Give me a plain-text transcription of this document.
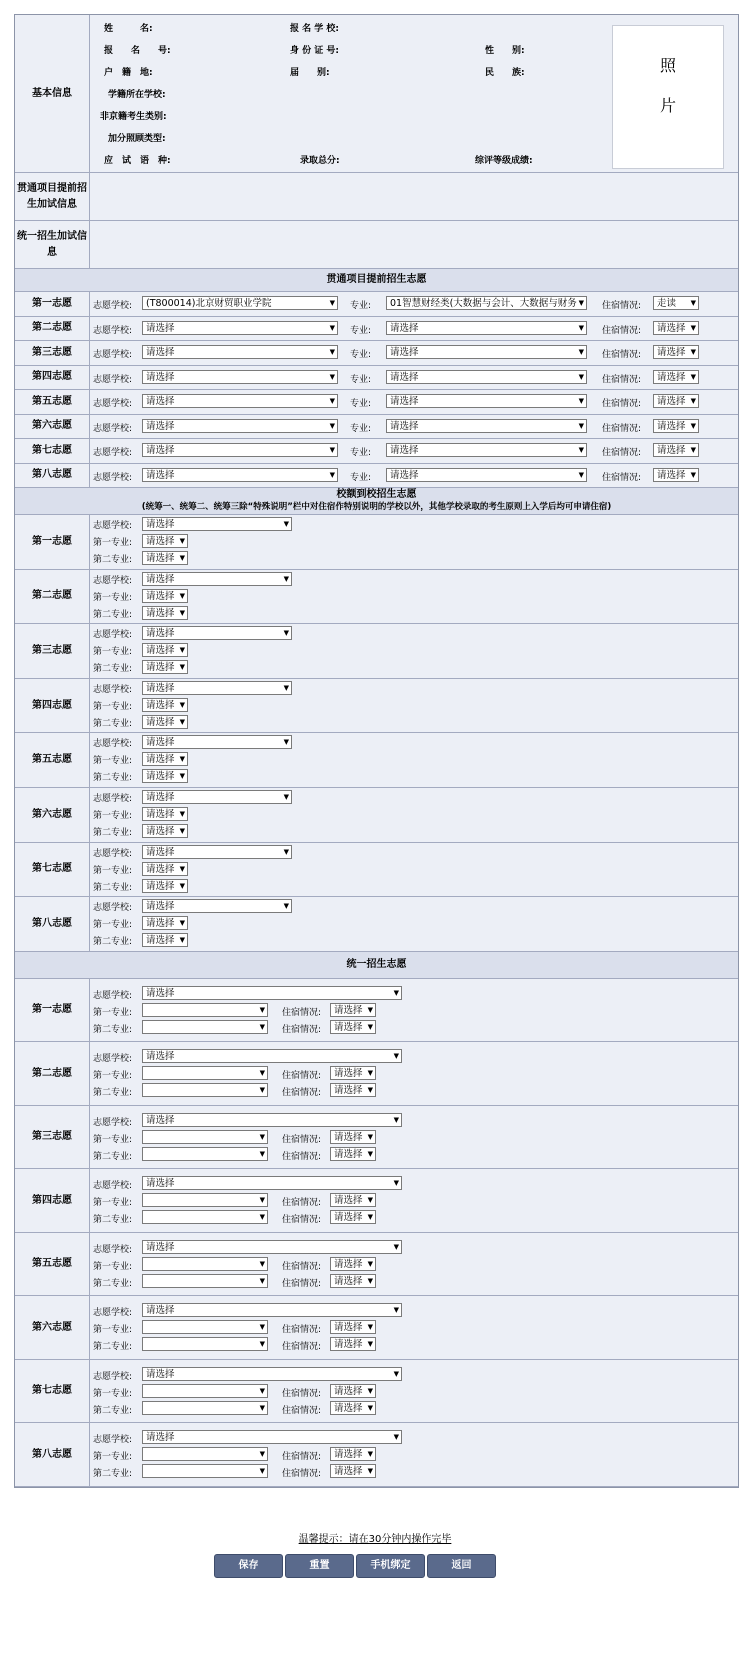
基本信息
姓　　　名:	报 名 学 校:
报　　名　　号:	身 份 证 号:	性　　别:
户　籍　地:	届　　别:	民　　族:
学籍所在学校:
非京籍考生类别:
加分照顾类型:
应　试　语　种:	录取总分:	综评等级成绩:
照

片
贯通项目提前招生加试信息
统一招生加试信息
贯通项目提前招生志愿
第一志愿	志愿学校:	(T800014)北京财贸职业学院 ▼	专业:	01智慧财经类(大数据与会计、大数据与财务 ▼	住宿情况:	走读 ▼
第二志愿	志愿学校:	请选择 ▼	专业:	请选择 ▼	住宿情况:	请选择 ▼
第三志愿	志愿学校:	请选择 ▼	专业:	请选择 ▼	住宿情况:	请选择 ▼
第四志愿	志愿学校:	请选择 ▼	专业:	请选择 ▼	住宿情况:	请选择 ▼
第五志愿	志愿学校:	请选择 ▼	专业:	请选择 ▼	住宿情况:	请选择 ▼
第六志愿	志愿学校:	请选择 ▼	专业:	请选择 ▼	住宿情况:	请选择 ▼
第七志愿	志愿学校:	请选择 ▼	专业:	请选择 ▼	住宿情况:	请选择 ▼
第八志愿	志愿学校:	请选择 ▼	专业:	请选择 ▼	住宿情况:	请选择 ▼
校额到校招生志愿
(统筹一、统筹二、统筹三除“特殊说明”栏中对住宿作特别说明的学校以外，其他学校录取的考生原则上入学后均可申请住宿)
第一志愿
志愿学校:	请选择 ▼
第一专业:	请选择 ▼
第二专业:	请选择 ▼
第二志愿
志愿学校:	请选择 ▼
第一专业:	请选择 ▼
第二专业:	请选择 ▼
第三志愿
志愿学校:	请选择 ▼
第一专业:	请选择 ▼
第二专业:	请选择 ▼
第四志愿
志愿学校:	请选择 ▼
第一专业:	请选择 ▼
第二专业:	请选择 ▼
第五志愿
志愿学校:	请选择 ▼
第一专业:	请选择 ▼
第二专业:	请选择 ▼
第六志愿
志愿学校:	请选择 ▼
第一专业:	请选择 ▼
第二专业:	请选择 ▼
第七志愿
志愿学校:	请选择 ▼
第一专业:	请选择 ▼
第二专业:	请选择 ▼
第八志愿
志愿学校:	请选择 ▼
第一专业:	请选择 ▼
第二专业:	请选择 ▼
统一招生志愿
第一志愿
志愿学校:	请选择 ▼
第一专业: ▼	住宿情况:	请选择 ▼
第二专业: ▼	住宿情况:	请选择 ▼
第二志愿
志愿学校:	请选择 ▼
第一专业: ▼	住宿情况:	请选择 ▼
第二专业: ▼	住宿情况:	请选择 ▼
第三志愿
志愿学校:	请选择 ▼
第一专业: ▼	住宿情况:	请选择 ▼
第二专业: ▼	住宿情况:	请选择 ▼
第四志愿
志愿学校:	请选择 ▼
第一专业: ▼	住宿情况:	请选择 ▼
第二专业: ▼	住宿情况:	请选择 ▼
第五志愿
志愿学校:	请选择 ▼
第一专业: ▼	住宿情况:	请选择 ▼
第二专业: ▼	住宿情况:	请选择 ▼
第六志愿
志愿学校:	请选择 ▼
第一专业: ▼	住宿情况:	请选择 ▼
第二专业: ▼	住宿情况:	请选择 ▼
第七志愿
志愿学校:	请选择 ▼
第一专业: ▼	住宿情况:	请选择 ▼
第二专业: ▼	住宿情况:	请选择 ▼
第八志愿
志愿学校:	请选择 ▼
第一专业: ▼	住宿情况:	请选择 ▼
第二专业: ▼	住宿情况:	请选择 ▼
温馨提示：请在30分钟内操作完毕
保存	重置	手机绑定	返回
